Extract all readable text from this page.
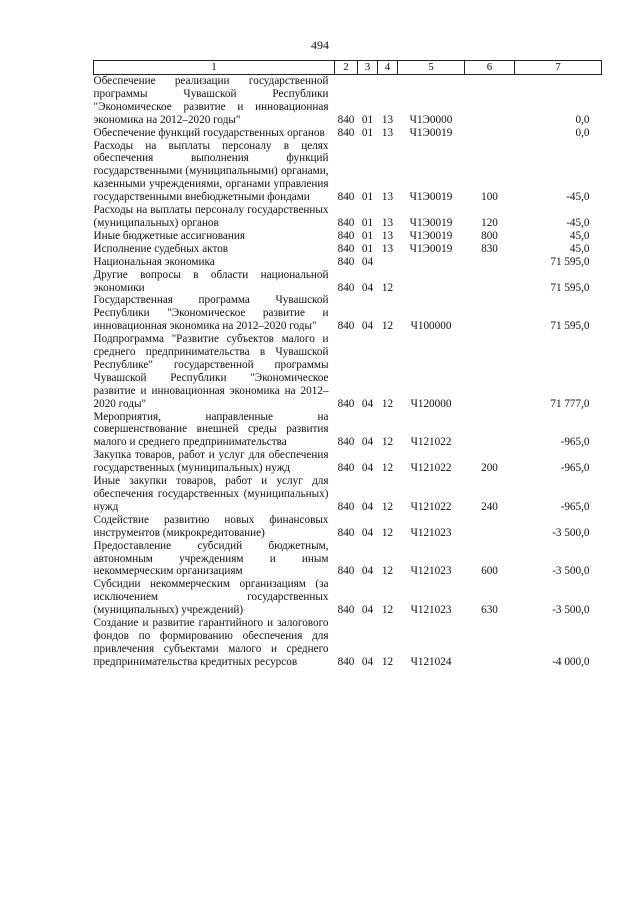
494
1	2	3	4	5	6	7
Обеспечение реализации государственной программы Чувашской Республики "Экономическое развитие и инновационная экономика на 2012–2020 годы"	840	01	13	Ч1Э0000		0,0
Обеспечение функций государственных органов	840	01	13	Ч1Э0019		0,0
Расходы на выплаты персоналу в целях обеспечения выполнения функций государственными (муниципальными) органами, казенными учреждениями, органами управления государственными внебюджетными фондами	840	01	13	Ч1Э0019	100	-45,0
Расходы на выплаты персоналу государственных (муниципальных) органов	840	01	13	Ч1Э0019	120	-45,0
Иные бюджетные ассигнования	840	01	13	Ч1Э0019	800	45,0
Исполнение судебных актов	840	01	13	Ч1Э0019	830	45,0
Национальная экономика	840	04				71 595,0
Другие вопросы в области национальной экономики	840	04	12			71 595,0
Государственная программа Чувашской Республики "Экономическое развитие и инновационная экономика на 2012–2020 годы"	840	04	12	Ч100000		71 595,0
Подпрограмма "Развитие субъектов малого и среднего предпринимательства в Чувашской Республике" государственной программы Чувашской Республики "Экономическое развитие и инновационная экономика на 2012–2020 годы"	840	04	12	Ч120000		71 777,0
Мероприятия, направленные на совершенствование внешней среды развития малого и среднего предпринимательства	840	04	12	Ч121022		-965,0
Закупка товаров, работ и услуг для обеспечения государственных (муниципальных) нужд	840	04	12	Ч121022	200	-965,0
Иные закупки товаров, работ и услуг для обеспечения государственных (муниципальных) нужд	840	04	12	Ч121022	240	-965,0
Содействие развитию новых финансовых инструментов (микрокредитование)	840	04	12	Ч121023		-3 500,0
Предоставление субсидий бюджетным, автономным учреждениям и иным некоммерческим организациям	840	04	12	Ч121023	600	-3 500,0
Субсидии некоммерческим организациям (за исключением государственных (муниципальных) учреждений)	840	04	12	Ч121023	630	-3 500,0
Создание и развитие гарантийного и залогового фондов по формированию обеспечения для привлечения субъектами малого и среднего предпринимательства кредитных ресурсов	840	04	12	Ч121024		-4 000,0
